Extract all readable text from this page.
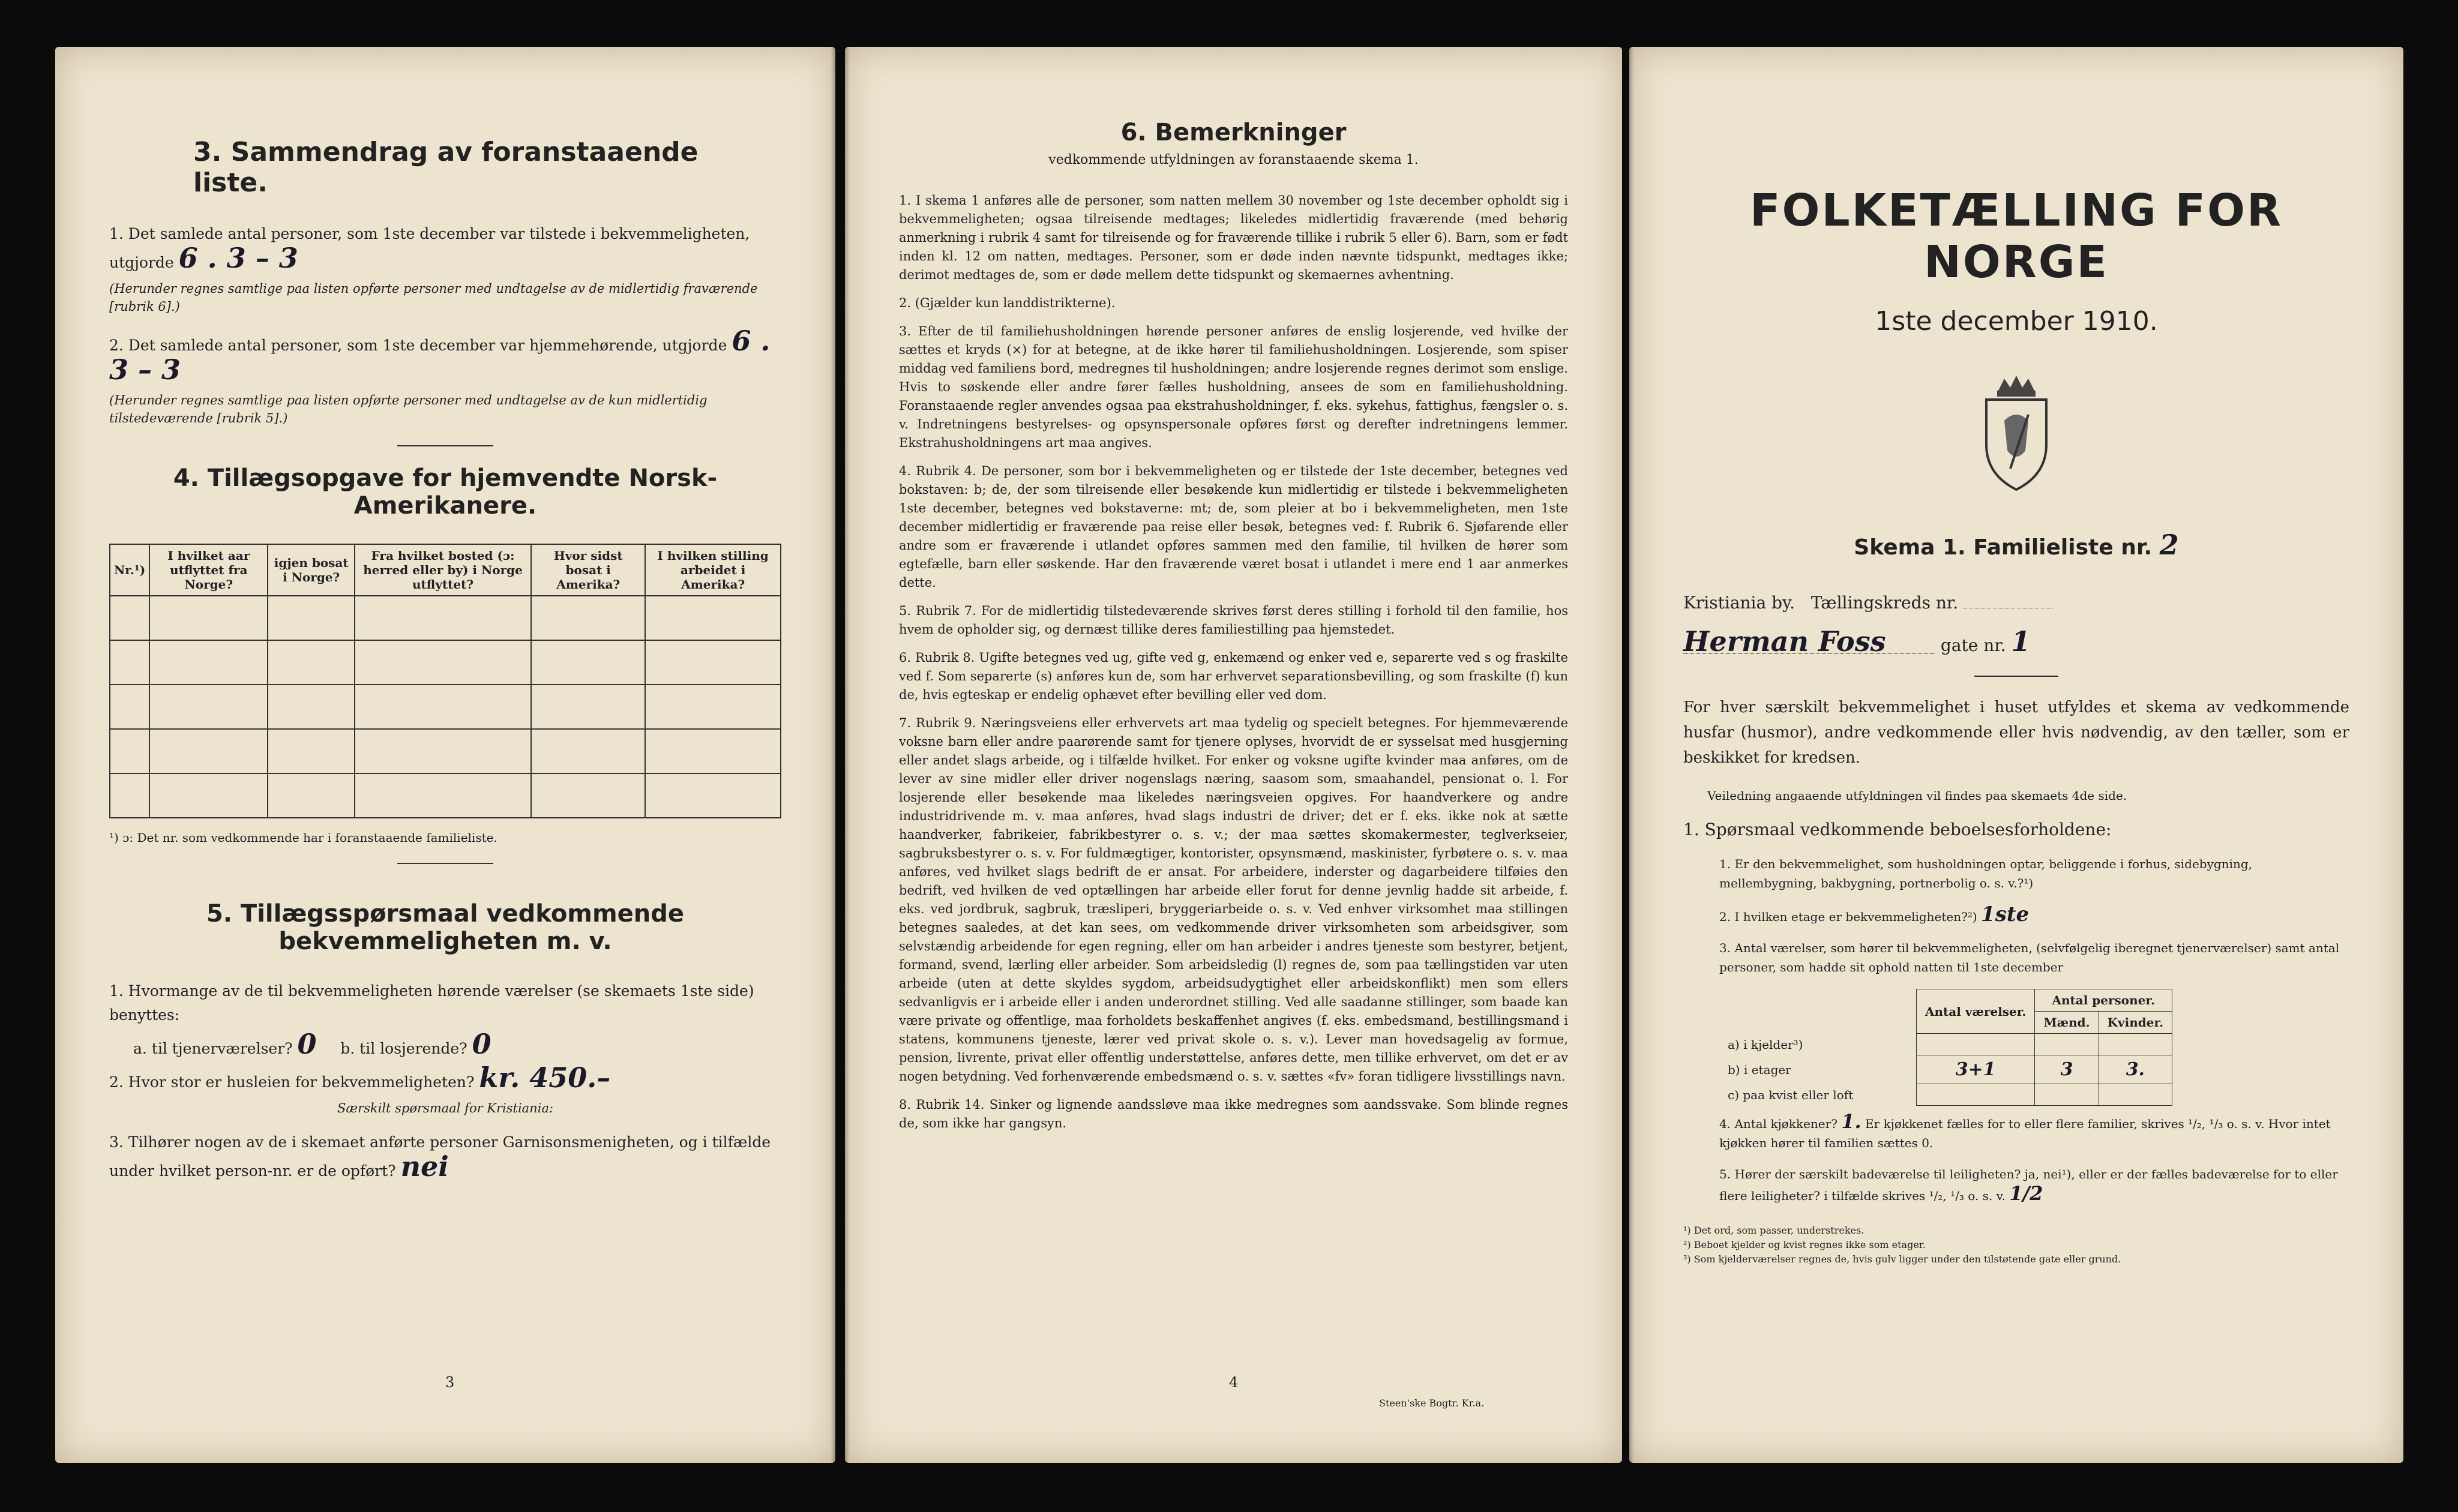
3. Sammendrag av foranstaaende liste.

1. Det samlede antal personer, som 1ste december var tilstede i bekvemmeligheten, utgjorde 6 . 3 – 3

(Herunder regnes samtlige paa listen opførte personer med undtagelse av de midlertidig fraværende [rubrik 6].)

2. Det samlede antal personer, som 1ste december var hjemmehørende, utgjorde 6 . 3 – 3

(Herunder regnes samtlige paa listen opførte personer med undtagelse av de kun midlertidig tilstedeværende [rubrik 5].)

4. Tillægsopgave for hjemvendte Norsk-Amerikanere.
Nr.¹)	I hvilket aar utflyttet fra Norge?	igjen bosat i Norge?	Fra hvilket bosted (ɔ: herred eller by) i Norge utflyttet?	Hvor sidst bosat i Amerika?	I hvilken stilling arbeidet i Amerika?

¹) ɔ: Det nr. som vedkommende har i foranstaaende familieliste.

5. Tillægsspørsmaal vedkommende bekvemmeligheten m. v.

1. Hvormange av de til bekvemmeligheten hørende værelser (se skemaets 1ste side) benyttes:

a. til tjenerværelser? 0 b. til losjerende? 0

2. Hvor stor er husleien for bekvemmeligheten? kr. 450.–

Særskilt spørsmaal for Kristiania:

3. Tilhører nogen av de i skemaet anførte personer Garnisonsmenigheten, og i tilfælde under hvilket person-nr. er de opført? nei

3

6. Bemerkninger

vedkommende utfyldningen av foranstaaende skema 1.

1. I skema 1 anføres alle de personer, som natten mellem 30 november og 1ste december opholdt sig i bekvemmeligheten; ogsaa tilreisende medtages; likeledes midlertidig fraværende (med behørig anmerkning i rubrik 4 samt for tilreisende og for fraværende tillike i rubrik 5 eller 6). Barn, som er født inden kl. 12 om natten, medtages. Personer, som er døde inden nævnte tidspunkt, medtages ikke; derimot medtages de, som er døde mellem dette tidspunkt og skemaernes avhentning.

2. (Gjælder kun landdistrikterne).

3. Efter de til familiehusholdningen hørende personer anføres de enslig losjerende, ved hvilke der sættes et kryds (×) for at betegne, at de ikke hører til familiehusholdningen. Losjerende, som spiser middag ved familiens bord, medregnes til husholdningen; andre losjerende regnes derimot som enslige. Hvis to søskende eller andre fører fælles husholdning, ansees de som en familiehusholdning. Foranstaaende regler anvendes ogsaa paa ekstrahusholdninger, f. eks. sykehus, fattighus, fængsler o. s. v. Indretningens bestyrelses- og opsynspersonale opføres først og derefter indretningens lemmer. Ekstrahusholdningens art maa angives.

4. Rubrik 4. De personer, som bor i bekvemmeligheten og er tilstede der 1ste december, betegnes ved bokstaven: b; de, der som tilreisende eller besøkende kun midlertidig er tilstede i bekvemmeligheten 1ste december, betegnes ved bokstaverne: mt; de, som pleier at bo i bekvemmeligheten, men 1ste december midlertidig er fraværende paa reise eller besøk, betegnes ved: f. Rubrik 6. Sjøfarende eller andre som er fraværende i utlandet opføres sammen med den familie, til hvilken de hører som egtefælle, barn eller søskende. Har den fraværende været bosat i utlandet i mere end 1 aar anmerkes dette.

5. Rubrik 7. For de midlertidig tilstedeværende skrives først deres stilling i forhold til den familie, hos hvem de opholder sig, og dernæst tillike deres familiestilling paa hjemstedet.

6. Rubrik 8. Ugifte betegnes ved ug, gifte ved g, enkemænd og enker ved e, separerte ved s og fraskilte ved f. Som separerte (s) anføres kun de, som har erhvervet separationsbevilling, og som fraskilte (f) kun de, hvis egteskap er endelig ophævet efter bevilling eller ved dom.

7. Rubrik 9. Næringsveiens eller erhvervets art maa tydelig og specielt betegnes. For hjemmeværende voksne barn eller andre paarørende samt for tjenere oplyses, hvorvidt de er sysselsat med husgjerning eller andet slags arbeide, og i tilfælde hvilket. For enker og voksne ugifte kvinder maa anføres, om de lever av sine midler eller driver nogenslags næring, saasom som, smaahandel, pensionat o. l. For losjerende eller besøkende maa likeledes næringsveien opgives. For haandverkere og andre industridrivende m. v. maa anføres, hvad slags industri de driver; det er f. eks. ikke nok at sætte haandverker, fabrikeier, fabrikbestyrer o. s. v.; der maa sættes skomakermester, teglverkseier, sagbruksbestyrer o. s. v. For fuldmægtiger, kontorister, opsynsmænd, maskinister, fyrbøtere o. s. v. maa anføres, ved hvilket slags bedrift de er ansat. For arbeidere, inderster og dagarbeidere tilføies den bedrift, ved hvilken de ved optællingen har arbeide eller forut for denne jevnlig hadde sit arbeide, f. eks. ved jordbruk, sagbruk, træsliperi, bryggeriarbeide o. s. v. Ved enhver virksomhet maa stillingen betegnes saaledes, at det kan sees, om vedkommende driver virksomheten som arbeidsgiver, som selvstændig arbeidende for egen regning, eller om han arbeider i andres tjeneste som bestyrer, betjent, formand, svend, lærling eller arbeider. Som arbeidsledig (l) regnes de, som paa tællingstiden var uten arbeide (uten at dette skyldes sygdom, arbeidsudygtighet eller arbeidskonflikt) men som ellers sedvanligvis er i arbeide eller i anden underordnet stilling. Ved alle saadanne stillinger, som baade kan være private og offentlige, maa forholdets beskaffenhet angives (f. eks. embedsmand, bestillingsmand i statens, kommunens tjeneste, lærer ved privat skole o. s. v.). Lever man hovedsagelig av formue, pension, livrente, privat eller offentlig understøttelse, anføres dette, men tillike erhvervet, om det er av nogen betydning. Ved forhenværende embedsmænd o. s. v. sættes «fv» foran tidligere livsstillings navn.

8. Rubrik 14. Sinker og lignende aandssløve maa ikke medregnes som aandssvake. Som blinde regnes de, som ikke har gangsyn.

4
Steen'ske Bogtr. Kr.a.
FOLKETÆLLING FOR NORGE
1ste december 1910.
Skema 1. Familieliste nr. 2

Kristiania by. Tællingskreds nr.

Herman Foss	gate nr. 1

For hver særskilt bekvemmelighet i huset utfyldes et skema av vedkommende husfar (husmor), andre vedkommende eller hvis nødvendig, av den tæller, som er beskikket for kredsen.

Veiledning angaaende utfyldningen vil findes paa skemaets 4de side.

1. Spørsmaal vedkommende beboelsesforholdene:

1. Er den bekvemmelighet, som husholdningen optar, beliggende i forhus, sidebygning, mellembygning, bakbygning, portnerbolig o. s. v.?¹)

2. I hvilken etage er bekvemmeligheten?²) 1ste

3. Antal værelser, som hører til bekvemmeligheten, (selvfølgelig iberegnet tjenerværelser) samt antal personer, som hadde sit ophold natten til 1ste december

	Antal værelser.	Antal personer.	
		Mænd.	Kvinder.
a) i kjelder³)			
b) i etager	3+1	3	3.
c) paa kvist eller loft			

4. Antal kjøkkener? 1. Er kjøkkenet fælles for to eller flere familier, skrives ¹/₂, ¹/₃ o. s. v. Hvor intet kjøkken hører til familien sættes 0.

5. Hører der særskilt badeværelse til leiligheten? ja, nei¹), eller er der fælles badeværelse for to eller flere leiligheter? i tilfælde skrives ¹/₂, ¹/₃ o. s. v. 1/2

¹) Det ord, som passer, understrekes.
²) Beboet kjelder og kvist regnes ikke som etager.
³) Som kjelderværelser regnes de, hvis gulv ligger under den tilstøtende gate eller grund.
